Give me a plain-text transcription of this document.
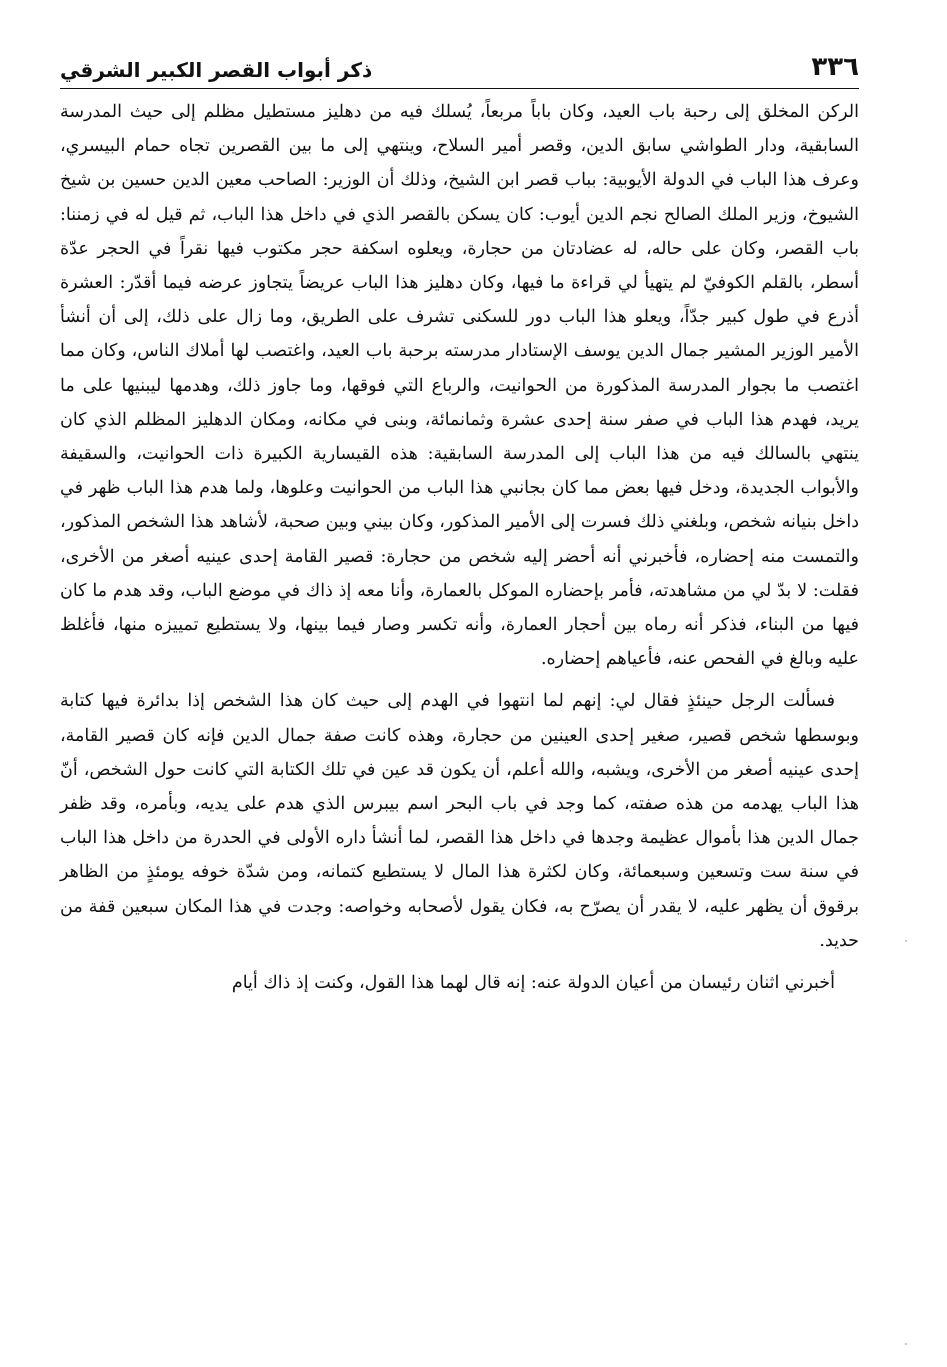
٣٣٦
ذكر أبواب القصر الكبير الشرقي

الركن المخلق إلى رحبة باب العيد، وكان باباً مربعاً، يُسلك فيه من دهليز مستطيل مظلم إلى حيث المدرسة السابقية، ودار الطواشي سابق الدين، وقصر أمير السلاح، وينتهي إلى ما بين القصرين تجاه حمام البيسري، وعرف هذا الباب في الدولة الأيوبية: بباب قصر ابن الشيخ، وذلك أن الوزير: الصاحب معين الدين حسين بن شيخ الشيوخ، وزير الملك الصالح نجم الدين أيوب: كان يسكن بالقصر الذي في داخل هذا الباب، ثم قيل له في زمننا: باب القصر، وكان على حاله، له عضادتان من حجارة، ويعلوه اسكفة حجر مكتوب فيها نقراً في الحجر عدّة أسطر، بالقلم الكوفيّ لم يتهيأ لي قراءة ما فيها، وكان دهليز هذا الباب عريضاً يتجاوز عرضه فيما أقدّر: العشرة أذرع في طول كبير جدّاً، ويعلو هذا الباب دور للسكنى تشرف على الطريق، وما زال على ذلك، إلى أن أنشأ الأمير الوزير المشير جمال الدين يوسف الإستادار مدرسته برحبة باب العيد، واغتصب لها أملاك الناس، وكان مما اغتصب ما بجوار المدرسة المذكورة من الحوانيت، والرباع التي فوقها، وما جاوز ذلك، وهدمها ليبنيها على ما يريد، فهدم هذا الباب في صفر سنة إحدى عشرة وثمانمائة، وبنى في مكانه، ومكان الدهليز المظلم الذي كان ينتهي بالسالك فيه من هذا الباب إلى المدرسة السابقية: هذه القيسارية الكبيرة ذات الحوانيت، والسقيفة والأبواب الجديدة، ودخل فيها بعض مما كان بجانبي هذا الباب من الحوانيت وعلوها، ولما هدم هذا الباب ظهر في داخل بنيانه شخص، وبلغني ذلك فسرت إلى الأمير المذكور، وكان بيني وبين صحبة، لأشاهد هذا الشخص المذكور، والتمست منه إحضاره، فأخبرني أنه أحضر إليه شخص من حجارة: قصير القامة إحدى عينيه أصغر من الأخرى، فقلت: لا بدّ لي من مشاهدته، فأمر بإحضاره الموكل بالعمارة، وأنا معه إذ ذاك في موضع الباب، وقد هدم ما كان فيها من البناء، فذكر أنه رماه بين أحجار العمارة، وأنه تكسر وصار فيما بينها، ولا يستطيع تمييزه منها، فأغلظ عليه وبالغ في الفحص عنه، فأعياهم إحضاره.

فسألت الرجل حينئذٍ فقال لي: إنهم لما انتهوا في الهدم إلى حيث كان هذا الشخص إذا بدائرة فيها كتابة وبوسطها شخص قصير، صغير إحدى العينين من حجارة، وهذه كانت صفة جمال الدين فإنه كان قصير القامة، إحدى عينيه أصغر من الأخرى، ويشبه، والله أعلم، أن يكون قد عين في تلك الكتابة التي كانت حول الشخص، أنّ هذا الباب يهدمه من هذه صفته، كما وجد في باب البحر اسم بيبرس الذي هدم على يديه، وبأمره، وقد ظفر جمال الدين هذا بأموال عظيمة وجدها في داخل هذا القصر، لما أنشأ داره الأولى في الحدرة من داخل هذا الباب في سنة ست وتسعين وسبعمائة، وكان لكثرة هذا المال لا يستطيع كتمانه، ومن شدّة خوفه يومئذٍ من الظاهر برقوق أن يظهر عليه، لا يقدر أن يصرّح به، فكان يقول لأصحابه وخواصه: وجدت في هذا المكان سبعين قفة من حديد.

أخبرني اثنان رئيسان من أعيان الدولة عنه: إنه قال لهما هذا القول، وكنت إذ ذاك أيام
